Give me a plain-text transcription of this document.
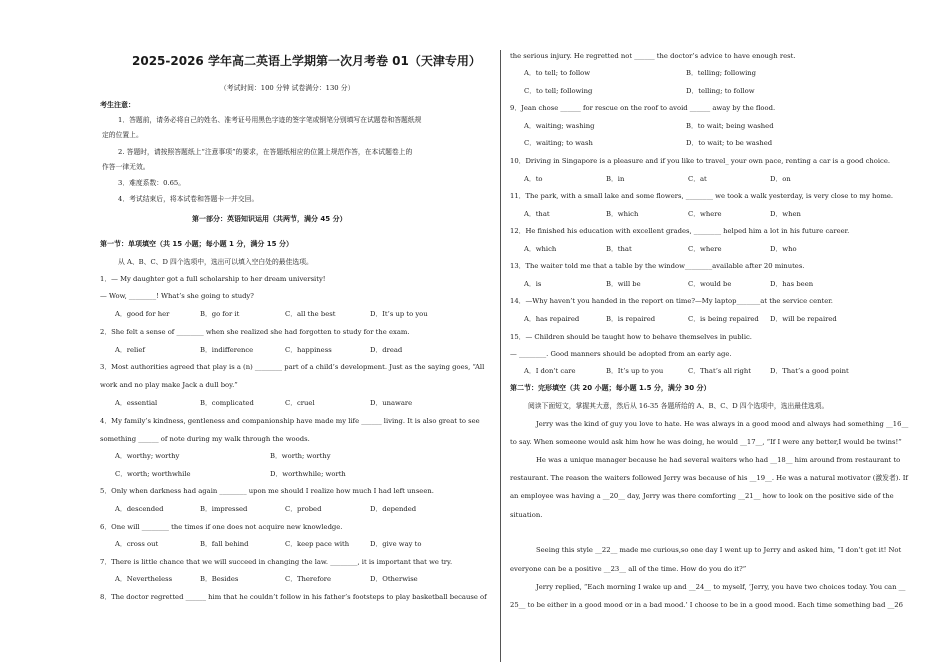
2025-2026 学年高二英语上学期第一次月考卷 01（天津专用）
（考试时间：100 分钟 试卷满分：130 分）
考生注意：
1．答题前，请务必将自己的姓名、准考证号用黑色字迹的签字笔或钢笔分别填写在试题卷和答题纸规
定的位置上。
2. 答题时，请按照答题纸上“注意事项”的要求，在答题纸相应的位置上规范作答，在本试题卷上的
作答一律无效。
3．难度系数：0.65。
4．考试结束后，将本试卷和答题卡一并交回。
第一部分：英语知识运用（共两节，满分 45 分）
第一节：单项填空（共 15 小题；每小题 1 分，满分 15 分）
从 A、B、C、D 四个选项中，选出可以填入空白处的最佳选项。
1．— My daughter got a full scholarship to her dream university!
— Wow, ________! What’s she going to study?
A．good for her	B．go for it	C．all the best	D．It’s up to you
2．She felt a sense of ________ when she realized she had forgotten to study for the exam.
A．relief	B．indifference	C．happiness	D．dread
3．Most authorities agreed that play is a (n) ________ part of a child’s development. Just as the saying goes, “All
work and no play make Jack a dull boy.”
A．essential	B．complicated	C．cruel	D．unaware
4．My family’s kindness, gentleness and companionship have made my life ______ living. It is also great to see
something ______ of note during my walk through the woods.
A．worthy; worthy	B．worth; worthy
C．worth; worthwhile	D．worthwhile; worth
5．Only when darkness had again ________ upon me should I realize how much I had left unseen.
A．descended	B．impressed	C．probed	D．depended
6．One will ________ the times if one does not acquire new knowledge.
A．cross out	B．fall behind	C．keep pace with	D．give way to
7．There is little chance that we will succeed in changing the law. ________, it is important that we try.
A．Nevertheless	B．Besides	C．Therefore	D．Otherwise
8．The doctor regretted ______ him that he couldn’t follow in his father’s footsteps to play basketball because of
the serious injury. He regretted not ______ the doctor’s advice to have enough rest.
A．to tell; to follow	B．telling; following
C．to tell; following	D．telling; to follow
9．Jean chose ______ for rescue on the roof to avoid ______ away by the flood.
A．waiting; washing	B．to wait; being washed
C．waiting; to wash	D．to wait; to be washed
10．Driving in Singapore is a pleasure and if you like to travel_ your own pace, renting a car is a good choice.
A．to	B．in	C．at	D．on
11．The park, with a small lake and some flowers, ________ we took a walk yesterday, is very close to my home.
A．that	B．which	C．where	D．when
12．He finished his education with excellent grades, ________ helped him a lot in his future career.
A．which	B．that	C．where	D．who
13．The waiter told me that a table by the window________available after 20 minutes.
A．is	B．will be	C．would be	D．has been
14．—Why haven’t you handed in the report on time?—My laptop_______at the service center.
A．has repaired	B．is repaired	C．is being repaired	D．will be repaired
15．— Children should be taught how to behave themselves in public.
— ________. Good manners should be adopted from an early age.
A．I don’t care	B．It’s up to you	C．That’s all right	D．That’s a good point
第二节：完形填空（共 20 小题；每小题 1.5 分，满分 30 分）
阅读下面短文，掌握其大意，然后从 16-35 各题所给的 A、B、C、D 四个选项中，选出最佳选项。
Jerry was the kind of guy you love to hate. He was always in a good mood and always had something __16__
to say. When someone would ask him how he was doing, he would __17__, “If I were any better,I would be twins!”
He was a unique manager because he had several waiters who had __18__ him around from restaurant to
restaurant. The reason the waiters followed Jerry was because of his __19__. He was a natural motivator (激发者). If
an employee was having a __20__ day, Jerry was there comforting __21__ how to look on the positive side of the
situation.
Seeing this style __22__ made me curious,so one day I went up to Jerry and asked him, “I don’t get it! Not
everyone can be a positive __23__ all of the time. How do you do it?”
Jerry replied, “Each morning I wake up and __24__ to myself, ‘Jerry, you have two choices today. You can __
25__ to be either in a good mood or in a bad mood.’ I choose to be in a good mood. Each time something bad __26
